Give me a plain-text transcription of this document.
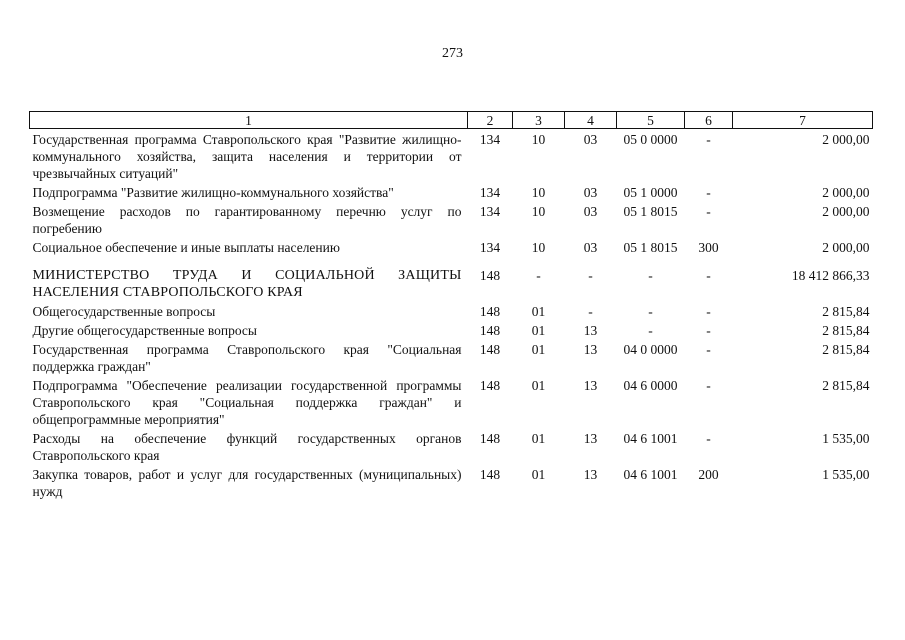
273
1	2	3	4	5	6	7
Государственная программа Ставропольского края "Развитие жилищно-коммунального хозяйства, защита населения и территории от чрезвычайных ситуаций"	134	10	03	05 0 0000	-	2 000,00
Подпрограмма "Развитие жилищно-коммунального хозяйства"	134	10	03	05 1 0000	-	2 000,00
Возмещение расходов по гарантированному перечню услуг по погребению	134	10	03	05 1 8015	-	2 000,00
Социальное обеспечение и иные выплаты населению	134	10	03	05 1 8015	300	2 000,00
МИНИСТЕРСТВО ТРУДА И СОЦИАЛЬНОЙ ЗАЩИТЫ НАСЕЛЕНИЯ СТАВРОПОЛЬСКОГО КРАЯ	148	-	-	-	-	18 412 866,33
Общегосударственные вопросы	148	01	-	-	-	2 815,84
Другие общегосударственные вопросы	148	01	13	-	-	2 815,84
Государственная программа Ставропольского края "Социальная поддержка граждан"	148	01	13	04 0 0000	-	2 815,84
Подпрограмма "Обеспечение реализации государственной программы Ставропольского края "Социальная поддержка граждан" и общепрограммные мероприятия"	148	01	13	04 6 0000	-	2 815,84
Расходы на обеспечение функций государственных органов Ставропольского края	148	01	13	04 6 1001	-	1 535,00
Закупка товаров, работ и услуг для государственных (муниципальных) нужд	148	01	13	04 6 1001	200	1 535,00
